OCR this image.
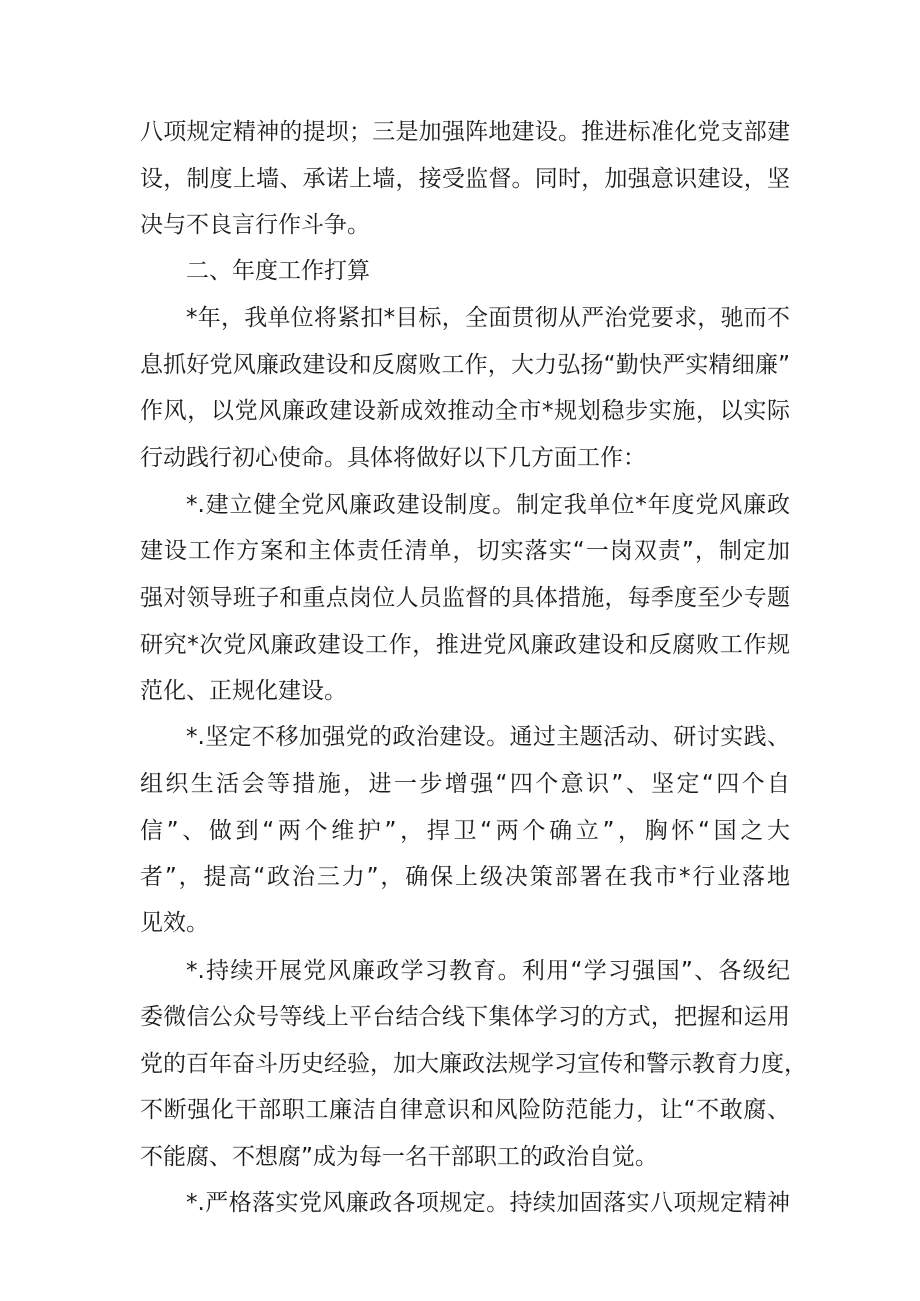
八项规定精神的提坝；三是加强阵地建设。推进标准化党支部建

设，制度上墙、承诺上墙，接受监督。同时，加强意识建设，坚

决与不良言行作斗争。

二、年度工作打算

*年，我单位将紧扣*目标，全面贯彻从严治党要求，驰而不

息抓好党风廉政建设和反腐败工作，大力弘扬“勤快严实精细廉”

作风，以党风廉政建设新成效推动全市*规划稳步实施，以实际

行动践行初心使命。具体将做好以下几方面工作：

*.建立健全党风廉政建设制度。制定我单位*年度党风廉政

建设工作方案和主体责任清单，切实落实“一岗双责”，制定加

强对领导班子和重点岗位人员监督的具体措施，每季度至少专题

研究*次党风廉政建设工作，推进党风廉政建设和反腐败工作规

范化、正规化建设。

*.坚定不移加强党的政治建设。通过主题活动、研讨实践、

组织生活会等措施，进一步增强“四个意识”、坚定“四个自

信”、做到“两个维护”，捍卫“两个确立”，胸怀“国之大

者”，提高“政治三力”，确保上级决策部署在我市*行业落地

见效。

*.持续开展党风廉政学习教育。利用“学习强国”、各级纪

委微信公众号等线上平台结合线下集体学习的方式，把握和运用

党的百年奋斗历史经验，加大廉政法规学习宣传和警示教育力度，

不断强化干部职工廉洁自律意识和风险防范能力，让“不敢腐、

不能腐、不想腐”成为每一名干部职工的政治自觉。

*.严格落实党风廉政各项规定。持续加固落实八项规定精神
